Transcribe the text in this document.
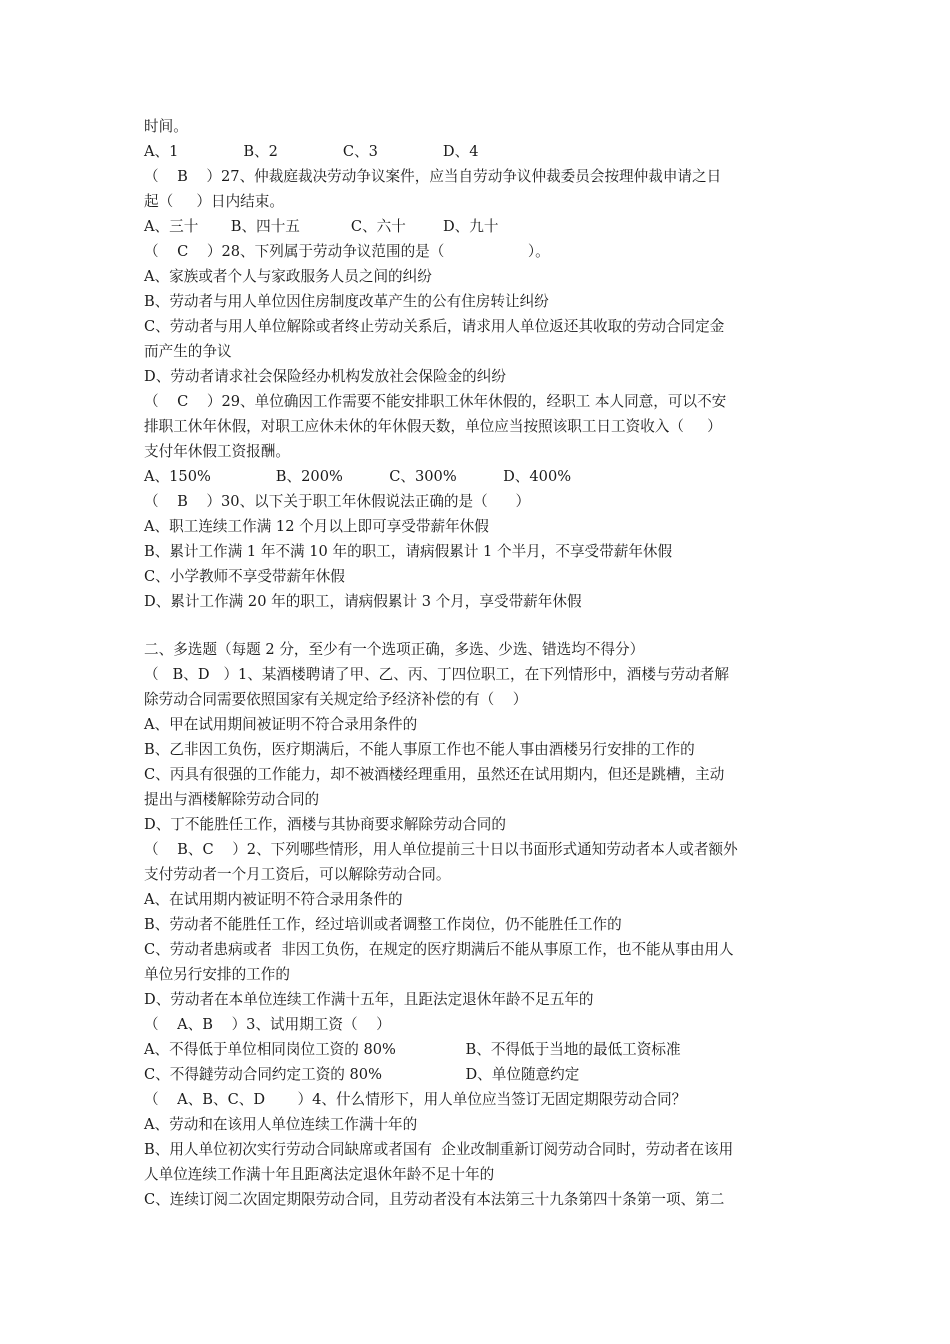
时间。
A、1              B、2              C、3              D、4
（    B    ）27、仲裁庭裁决劳动争议案件，应当自劳动争议仲裁委员会按理仲裁申请之日
起（     ）日内结束。
A、三十       B、四十五           C、六十        D、九十
（    C    ）28、下列属于劳动争议范围的是（                  ）。
A、家族或者个人与家政服务人员之间的纠纷
B、劳动者与用人单位因住房制度改革产生的公有住房转让纠纷
C、劳动者与用人单位解除或者终止劳动关系后，请求用人单位返还其收取的劳动合同定金
而产生的争议
D、劳动者请求社会保险经办机构发放社会保险金的纠纷
（    C    ）29、单位确因工作需要不能安排职工休年休假的，经职工 本人同意，可以不安
排职工休年休假，对职工应休未休的年休假天数，单位应当按照该职工日工资收入（     ）
支付年休假工资报酬。
A、150%              B、200%          C、300%          D、400%
（    B    ）30、以下关于职工年休假说法正确的是（      ）
A、职工连续工作满 12 个月以上即可享受带薪年休假
B、累计工作满 1 年不满 10 年的职工，请病假累计 1 个半月，不享受带薪年休假
C、小学教师不享受带薪年休假
D、累计工作满 20 年的职工，请病假累计 3 个月，享受带薪年休假
二、多选题（每题 2 分，至少有一个选项正确，多选、少选、错选均不得分）
（   B、D   ）1、某酒楼聘请了甲、乙、丙、丁四位职工，在下列情形中，酒楼与劳动者解
除劳动合同需要依照国家有关规定给予经济补偿的有（    ）
A、甲在试用期间被证明不符合录用条件的
B、乙非因工负伤，医疗期满后，不能人事原工作也不能人事由酒楼另行安排的工作的
C、丙具有很强的工作能力，却不被酒楼经理重用，虽然还在试用期内，但还是跳槽，主动
提出与酒楼解除劳动合同的
D、丁不能胜任工作，酒楼与其协商要求解除劳动合同的
（    B、C    ）2、下列哪些情形，用人单位提前三十日以书面形式通知劳动者本人或者额外
支付劳动者一个月工资后，可以解除劳动合同。
A、在试用期内被证明不符合录用条件的
B、劳动者不能胜任工作，经过培训或者调整工作岗位，仍不能胜任工作的
C、劳动者患病或者  非因工负伤，在规定的医疗期满后不能从事原工作，也不能从事由用人
单位另行安排的工作的
D、劳动者在本单位连续工作满十五年，且距法定退休年龄不足五年的
（    A、B    ）3、试用期工资（    ）
A、不得低于单位相同岗位工资的 80%               B、不得低于当地的最低工资标准
C、不得鐽劳动合同约定工资的 80%                  D、单位随意约定
（    A、B、C、D       ）4、什么情形下，用人单位应当签订无固定期限劳动合同？
A、劳动和在该用人单位连续工作满十年的
B、用人单位初次实行劳动合同缺席或者国有  企业改制重新订阅劳动合同时，劳动者在该用
人单位连续工作满十年且距离法定退休年龄不足十年的
C、连续订阅二次固定期限劳动合同，且劳动者没有本法第三十九条第四十条第一项、第二
